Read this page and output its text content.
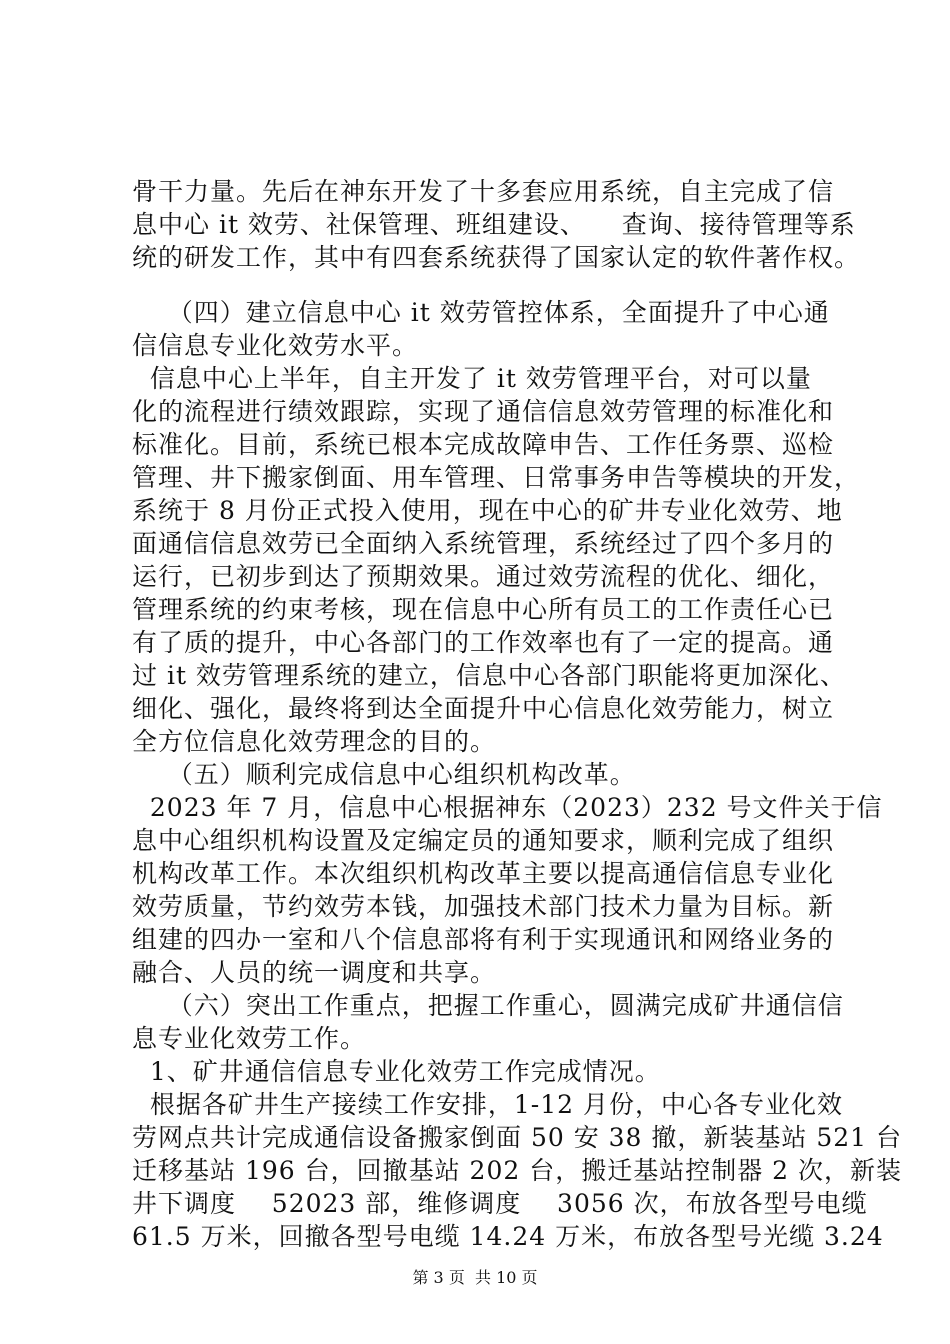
骨干力量。先后在神东开发了十多套应用系统，自主完成了信
息中心 it 效劳、社保管理、班组建设、    查询、接待管理等系
统的研发工作，其中有四套系统获得了国家认定的软件著作权。
（四）建立信息中心 it 效劳管控体系，全面提升了中心通
信信息专业化效劳水平。
信息中心上半年，自主开发了 it 效劳管理平台，对可以量
化的流程进行绩效跟踪，实现了通信信息效劳管理的标准化和
标准化。目前，系统已根本完成故障申告、工作任务票、巡检
管理、井下搬家倒面、用车管理、日常事务申告等模块的开发，
系统于 8 月份正式投入使用，现在中心的矿井专业化效劳、地
面通信信息效劳已全面纳入系统管理，系统经过了四个多月的
运行，已初步到达了预期效果。通过效劳流程的优化、细化，
管理系统的约束考核，现在信息中心所有员工的工作责任心已
有了质的提升，中心各部门的工作效率也有了一定的提高。通
过 it 效劳管理系统的建立，信息中心各部门职能将更加深化、
细化、强化，最终将到达全面提升中心信息化效劳能力，树立
全方位信息化效劳理念的目的。
（五）顺利完成信息中心组织机构改革。
2023 年 7 月，信息中心根据神东（2023）232 号文件关于信
息中心组织机构设置及定编定员的通知要求，顺利完成了组织
机构改革工作。本次组织机构改革主要以提高通信信息专业化
效劳质量，节约效劳本钱，加强技术部门技术力量为目标。新
组建的四办一室和八个信息部将有利于实现通讯和网络业务的
融合、人员的统一调度和共享。
（六）突出工作重点，把握工作重心，圆满完成矿井通信信
息专业化效劳工作。
1、矿井通信信息专业化效劳工作完成情况。
根据各矿井生产接续工作安排，1-12 月份，中心各专业化效
劳网点共计完成通信设备搬家倒面 50 安 38 撤，新装基站 521 台
迁移基站 196 台，回撤基站 202 台，搬迁基站控制器 2 次，新装
井下调度    52023 部，维修调度    3056 次，布放各型号电缆
61.5 万米，回撤各型号电缆 14.24 万米，布放各型号光缆 3.24
第 3 页  共 10 页
